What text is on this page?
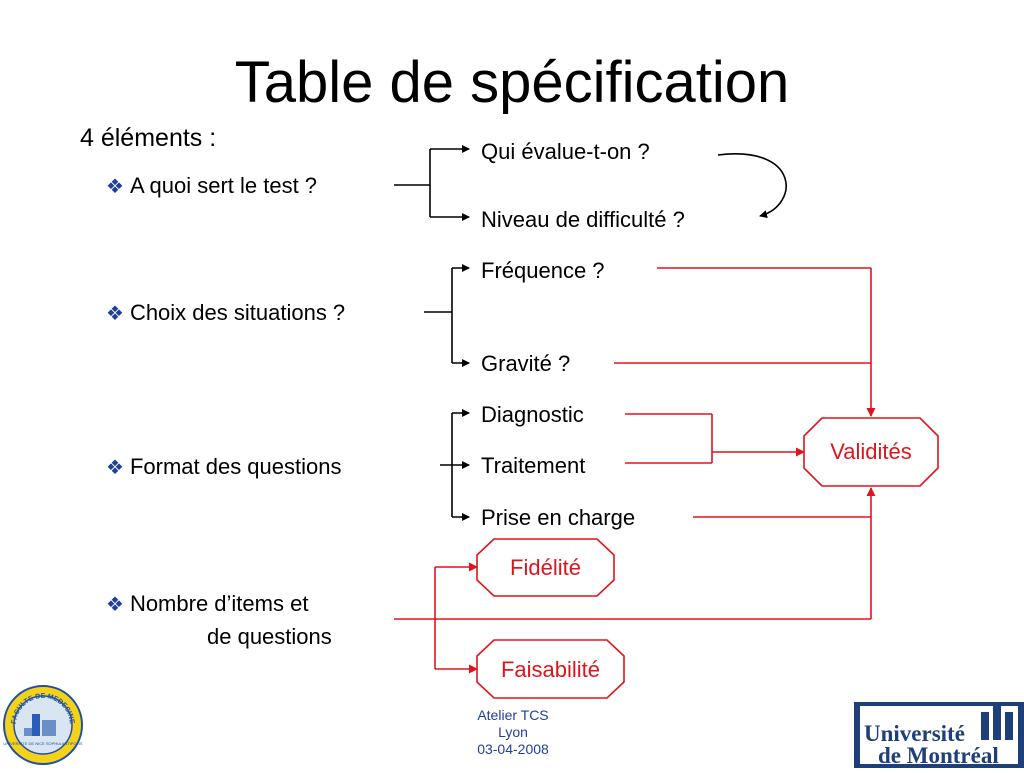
Table de spécification
4 éléments :
❖ A quoi sert le test ?
❖ Choix des situations ?
❖ Format des questions
❖ Nombre d’items et
de questions
Qui évalue-t-on ?
Niveau de difficulté ?
Fréquence ?
Gravité ?
Diagnostic
Traitement
Prise en charge
Validités
Fidélité
Faisabilité
Atelier TCS
Lyon
03-04-2008
FACULTE DE MEDECINE
UNIVERSITE DE NICE SOPHIA ANTIPOLIS	Université
de Montréal
